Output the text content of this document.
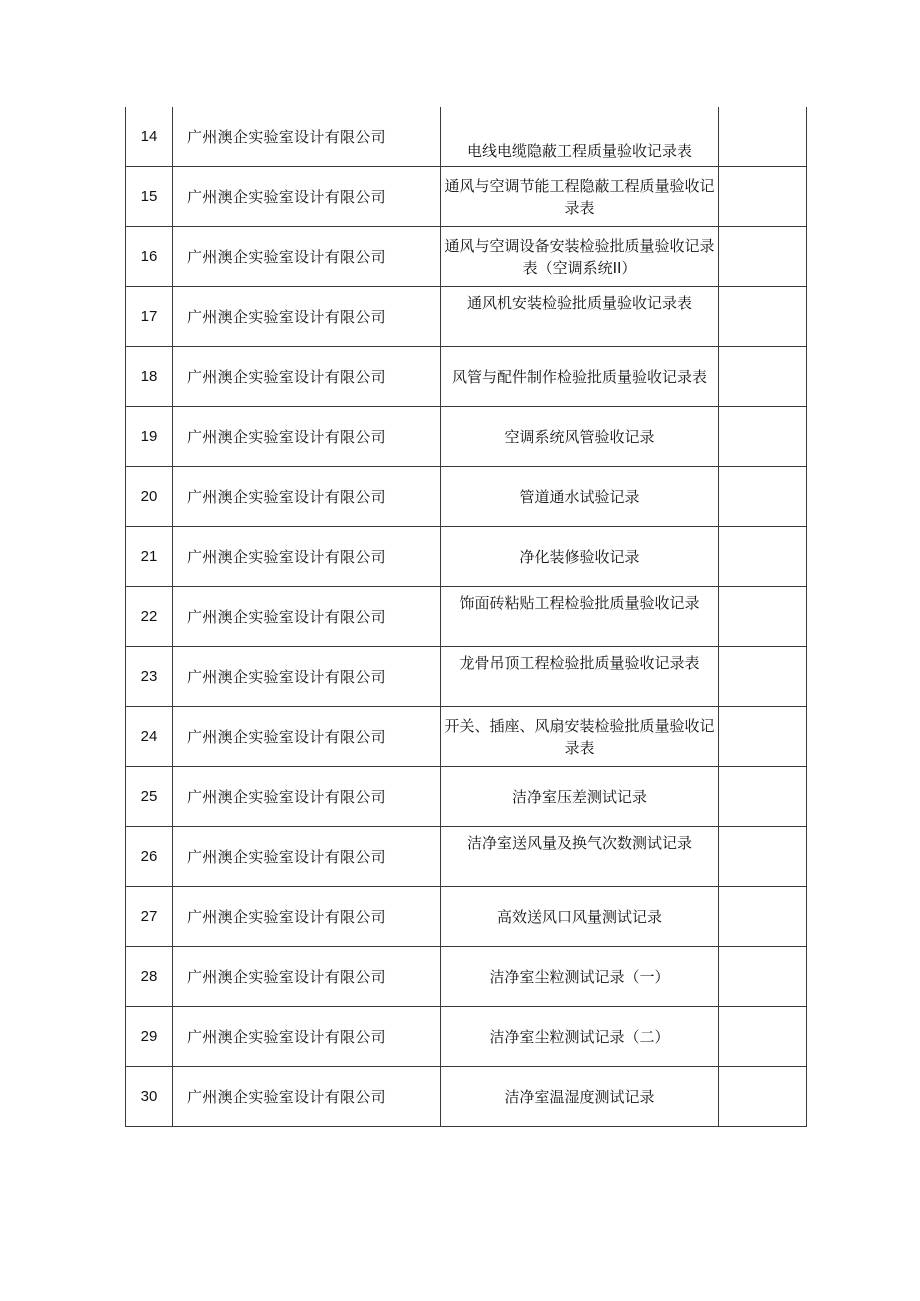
14	广州澳企实验室设计有限公司	电线电缆隐蔽工程质量验收记录表	

15	广州澳企实验室设计有限公司	通风与空调节能工程隐蔽工程质量验收记录表	

16	广州澳企实验室设计有限公司	通风与空调设备安装检验批质量验收记录表（空调系统II）	

17	广州澳企实验室设计有限公司	通风机安装检验批质量验收记录表	

18	广州澳企实验室设计有限公司	风管与配件制作检验批质量验收记录表	

19	广州澳企实验室设计有限公司	空调系统风管验收记录	

20	广州澳企实验室设计有限公司	管道通水试验记录	

21	广州澳企实验室设计有限公司	净化装修验收记录	

22	广州澳企实验室设计有限公司	饰面砖粘贴工程检验批质量验收记录	

23	广州澳企实验室设计有限公司	龙骨吊顶工程检验批质量验收记录表	

24	广州澳企实验室设计有限公司	开关、插座、风扇安装检验批质量验收记录表	

25	广州澳企实验室设计有限公司	洁净室压差测试记录	

26	广州澳企实验室设计有限公司	洁净室送风量及换气次数测试记录	

27	广州澳企实验室设计有限公司	高效送风口风量测试记录	

28	广州澳企实验室设计有限公司	洁净室尘粒测试记录（一）	

29	广州澳企实验室设计有限公司	洁净室尘粒测试记录（二）	

30	广州澳企实验室设计有限公司	洁净室温湿度测试记录	
